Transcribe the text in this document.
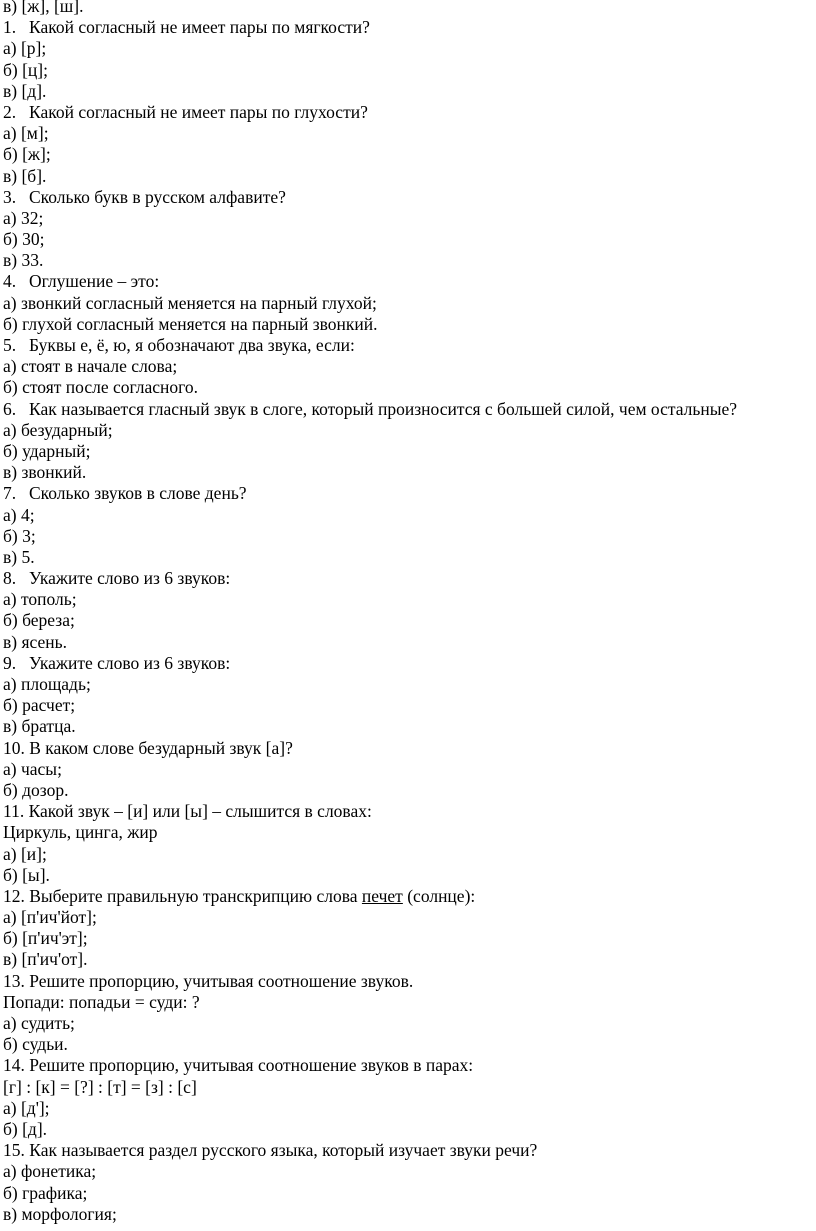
в) [ж], [ш].
1. Какой согласный не имеет пары по мягкости?
а) [р];
б) [ц];
в) [д].
2. Какой согласный не имеет пары по глухости?
а) [м];
б) [ж];
в) [б].
3. Сколько букв в русском алфавите?
а) 32;
б) 30;
в) 33.
4. Оглушение – это:
а) звонкий согласный меняется на парный глухой;
б) глухой согласный меняется на парный звонкий.
5. Буквы е, ё, ю, я обозначают два звука, если:
а) стоят в начале слова;
б) стоят после согласного.
6. Как называется гласный звук в слоге, который произносится с большей силой, чем остальные?
а) безударный;
б) ударный;
в) звонкий.
7. Сколько звуков в слове день?
а) 4;
б) 3;
в) 5.
8. Укажите слово из 6 звуков:
а) тополь;
б) береза;
в) ясень.
9. Укажите слово из 6 звуков:
а) площадь;
б) расчет;
в) братца.
10. В каком слове безударный звук [а]?
а) часы;
б) дозор.
11. Какой звук – [и] или [ы] – слышится в словах:
Циркуль, цинга, жир
а) [и];
б) [ы].
12. Выберите правильную транскрипцию слова печет (солнце):
а) [п'ич'йот];
б) [п'ич'эт];
в) [п'ич'от].
13. Решите пропорцию, учитывая соотношение звуков.
Попади: попадьи = суди: ?
а) судить;
б) судьи.
14. Решите пропорцию, учитывая соотношение звуков в парах:
[г] : [к] = [?] : [т] = [з] : [с]
а) [д'];
б) [д].
15. Как называется раздел русского языка, который изучает звуки речи?
а) фонетика;
б) графика;
в) морфология;
